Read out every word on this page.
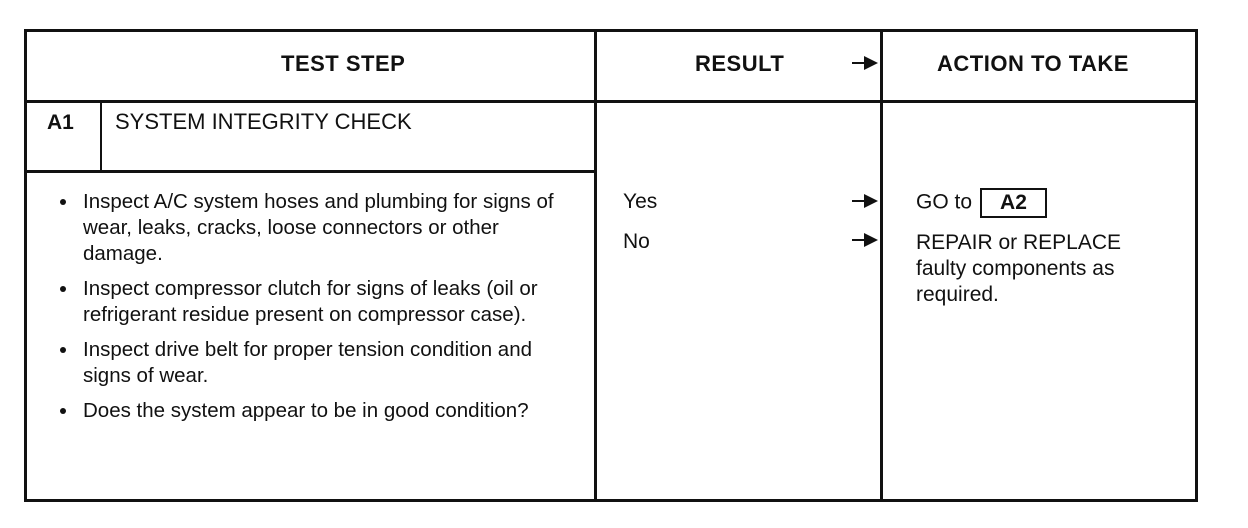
TEST STEP	RESULT	ACTION TO TAKE
A1 SYSTEM INTEGRITY CHECK
Inspect A/C system hoses and plumbing for signs of wear, leaks, cracks, loose connectors or other damage.
Inspect compressor clutch for signs of leaks (oil or refrigerant residue present on compressor case).
Inspect drive belt for proper tension condition and signs of wear.
Does the system appear to be in good condition?
Yes
No
GO to A2
REPAIR or REPLACE
faulty components as
required.
